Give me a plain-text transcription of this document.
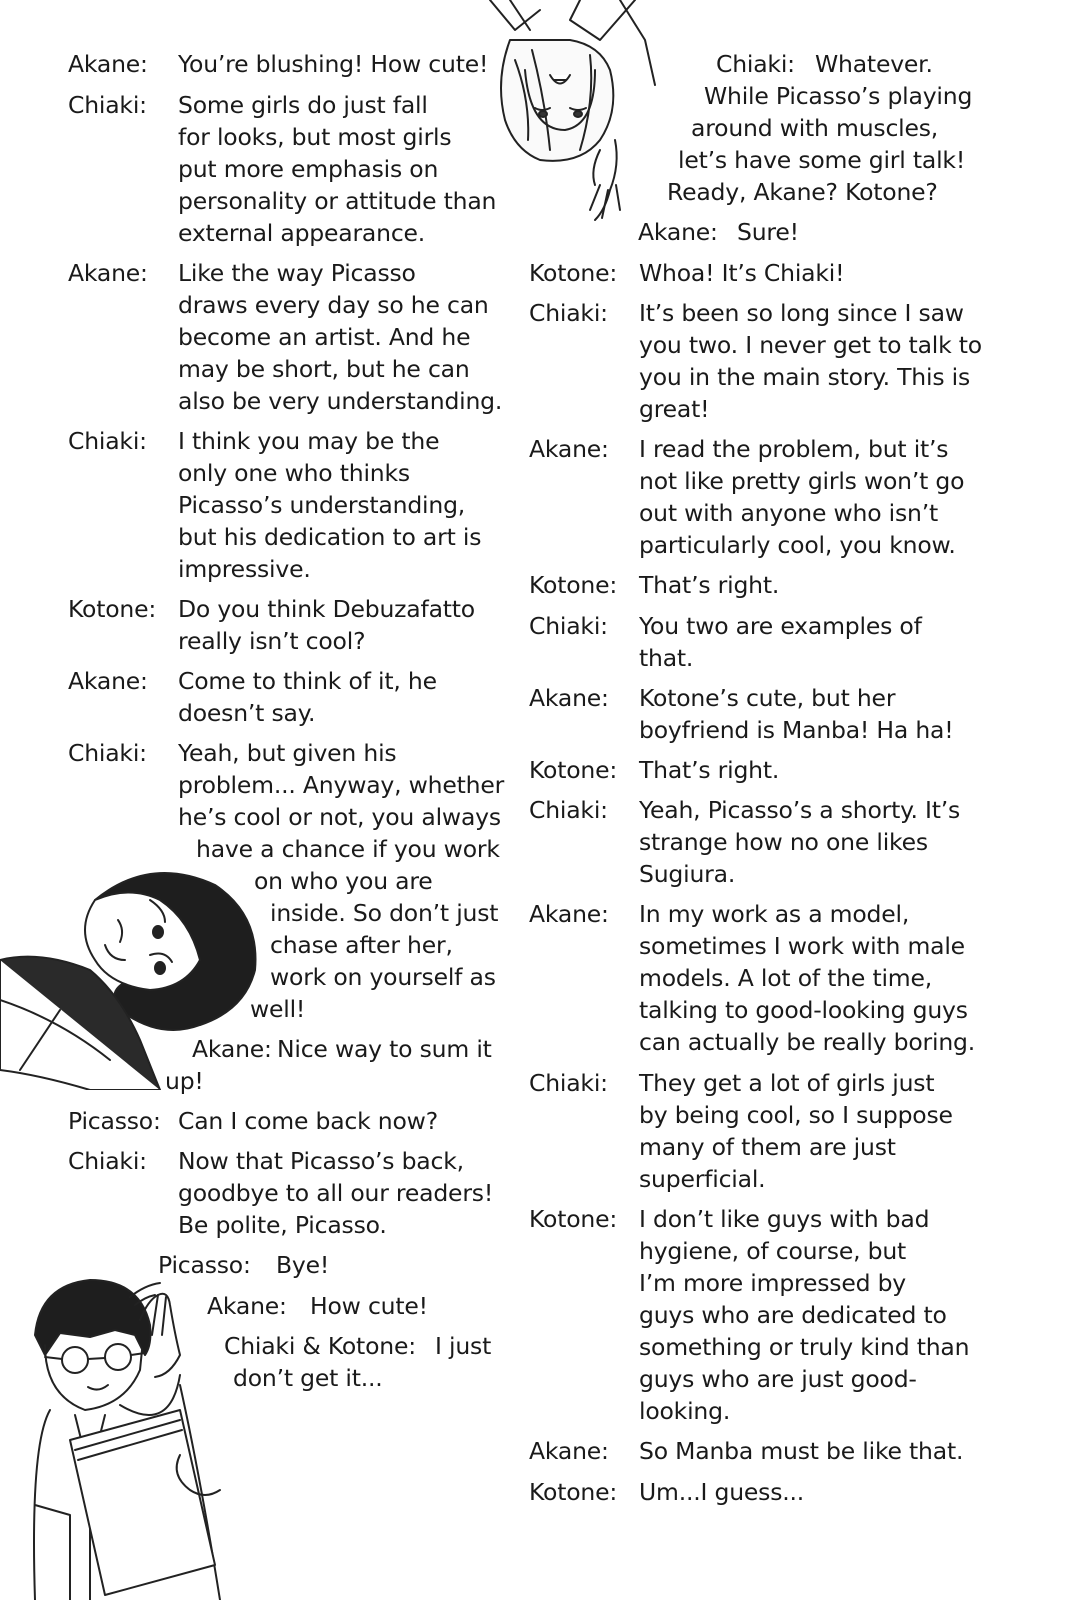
Akane: You’re blushing! How cute!
Chiaki: Some girls do just fall
for looks, but most girls
put more emphasis on
personality or attitude than
external appearance.
Akane: Like the way Picasso
draws every day so he can
become an artist. And he
may be short, but he can
also be very understanding.
Chiaki: I think you may be the
only one who thinks
Picasso’s understanding,
but his dedication to art is
impressive.
Kotone: Do you think Debuzafatto
really isn’t cool?
Akane: Come to think of it, he
doesn’t say.
Chiaki: Yeah, but given his
problem... Anyway, whether
he’s cool or not, you always
have a chance if you work
on who you are
inside. So don’t just
chase after her,
work on yourself as
well!
Akane: Nice way to sum it
up!
Picasso: Can I come back now?
Chiaki: Now that Picasso’s back,
goodbye to all our readers!
Be polite, Picasso.
Picasso: Bye!
Akane: How cute!
Chiaki & Kotone: I just
don’t get it...
Chiaki: Whatever.
While Picasso’s playing
around with muscles,
let’s have some girl talk!
Ready, Akane? Kotone?
Akane: Sure!
Kotone: Whoa! It’s Chiaki!
Chiaki: It’s been so long since I saw
you two. I never get to talk to
you in the main story. This is
great!
Akane: I read the problem, but it’s
not like pretty girls won’t go
out with anyone who isn’t
particularly cool, you know.
Kotone: That’s right.
Chiaki: You two are examples of
that.
Akane: Kotone’s cute, but her
boyfriend is Manba! Ha ha!
Kotone: That’s right.
Chiaki: Yeah, Picasso’s a shorty. It’s
strange how no one likes
Sugiura.
Akane: In my work as a model,
sometimes I work with male
models. A lot of the time,
talking to good-looking guys
can actually be really boring.
Chiaki: They get a lot of girls just
by being cool, so I suppose
many of them are just
superficial.
Kotone: I don’t like guys with bad
hygiene, of course, but
I’m more impressed by
guys who are dedicated to
something or truly kind than
guys who are just good-
looking.
Akane: So Manba must be like that.
Kotone: Um...I guess...
